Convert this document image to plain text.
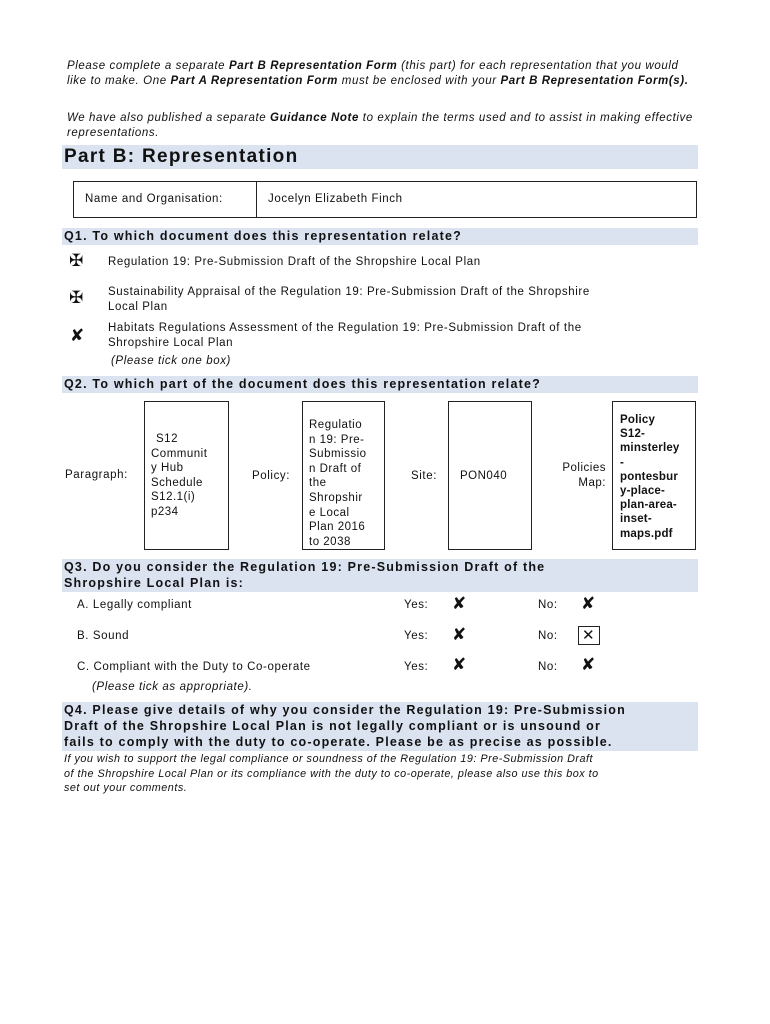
Please complete a separate Part B Representation Form (this part) for each representation that you would like to make. One Part A Representation Form must be enclosed with your Part B Representation Form(s).
We have also published a separate Guidance Note to explain the terms used and to assist in making effective representations.
Part B: Representation
Name and Organisation:	Jocelyn Elizabeth Finch
Q1. To which document does this representation relate?
✠ Regulation 19: Pre-Submission Draft of the Shropshire Local Plan
✠ Sustainability Appraisal of the Regulation 19: Pre-Submission Draft of the Shropshire
Local Plan
✘ Habitats Regulations Assessment of the Regulation 19: Pre-Submission Draft of the
Shropshire Local Plan
(Please tick one box)
Q2. To which part of the document does this representation relate?
Paragraph:
S12
Communit
y Hub
Schedule
S12.1(i)
p234
Policy:
Regulatio
n 19: Pre-
Submissio
n Draft of
the
Shropshir
e Local
Plan 2016
to 2038
Site: PON040
Policies
Map:
Policy
S12-
minsterley
-
pontesbur
y-place-
plan-area-
inset-
maps.pdf
Q3. Do you consider the Regulation 19: Pre-Submission Draft of the
Shropshire Local Plan is:
A. Legally compliant	Yes: ✘	No: ✘
B. Sound	Yes: ✘	No: ✕
C. Compliant with the Duty to Co-operate	Yes: ✘	No: ✘
(Please tick as appropriate).
Q4. Please give details of why you consider the Regulation 19: Pre-Submission
Draft of the Shropshire Local Plan is not legally compliant or is unsound or
fails to comply with the duty to co-operate. Please be as precise as possible.
If you wish to support the legal compliance or soundness of the Regulation 19: Pre-Submission Draft
of the Shropshire Local Plan or its compliance with the duty to co-operate, please also use this box to
set out your comments.
